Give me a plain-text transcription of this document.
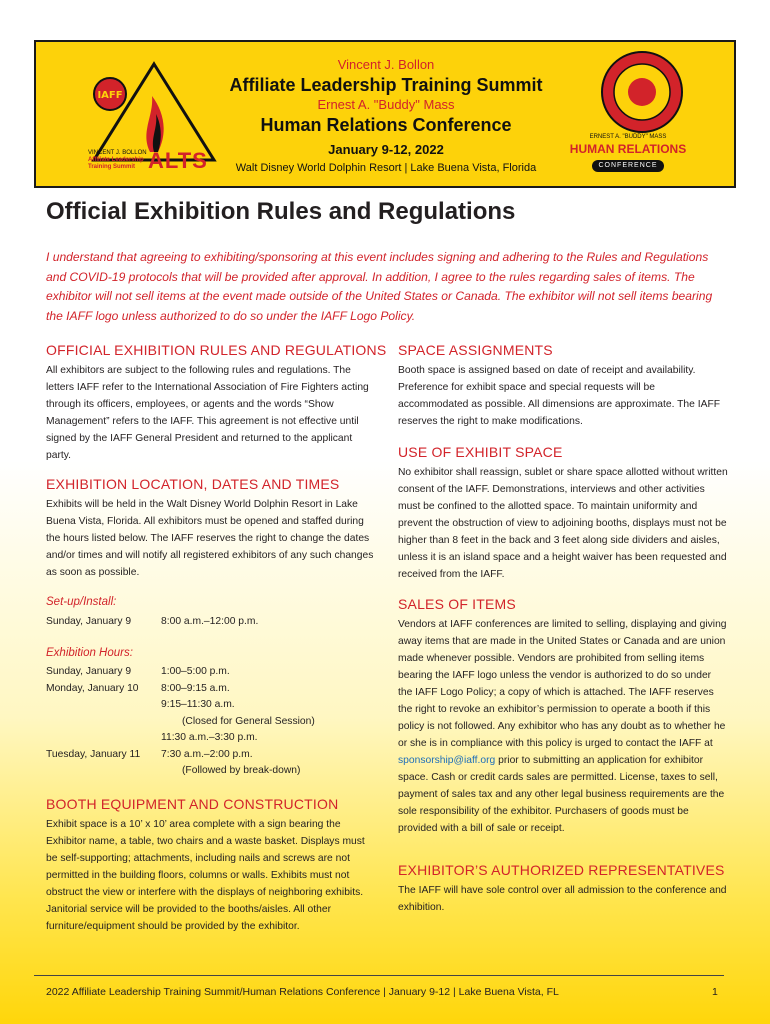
IAFF
VINCENT J. BOLLON
Affiliate Leadership
Training Summit ALTS
Vincent J. Bollon
Affiliate Leadership Training Summit
Ernest A. "Buddy" Mass
Human Relations Conference
January 9-12, 2022
Walt Disney World Dolphin Resort | Lake Buena Vista, Florida
ERNEST A. "BUDDY" MASS
HUMAN RELATIONS
CONFERENCE
Official Exhibition Rules and Regulations
I understand that agreeing to exhibiting/sponsoring at this event includes signing and adhering to the Rules and Regulations and COVID-19 protocols that will be provided after approval. In addition, I agree to the rules regarding sales of items. The exhibitor will not sell items at the event made outside of the United States or Canada. The exhibitor will not sell items bearing the IAFF logo unless authorized to do so under the IAFF Logo Policy.
OFFICIAL EXHIBITION RULES AND REGULATIONS

All exhibitors are subject to the following rules and regulations. The letters IAFF refer to the International Association of Fire Fighters acting through its officers, employees, or agents and the words “Show Management” refers to the IAFF. This agreement is not effective until signed by the IAFF General President and returned to the applicant party.

EXHIBITION LOCATION, DATES AND TIMES

Exhibits will be held in the Walt Disney World Dolphin Resort in Lake Buena Vista, Florida. All exhibitors must be opened and staffed during the hours listed below. The IAFF reserves the right to change the dates and/or times and will notify all registered exhibitors of any such changes as soon as possible.

Set-up/Install:
Sunday, January 9	8:00 a.m.–12:00 p.m.
Exhibition Hours:
Sunday, January 9	1:00–5:00 p.m.
Monday, January 10	8:00–9:15 a.m.
9:15–11:30 a.m.
(Closed for General Session)
11:30 a.m.–3:30 p.m.
Tuesday, January 11	7:30 a.m.–2:00 p.m.
(Followed by break-down)
BOOTH EQUIPMENT AND CONSTRUCTION

Exhibit space is a 10’ x 10’ area complete with a sign bearing the Exhibitor name, a table, two chairs and a waste basket. Displays must be self-supporting; attachments, including nails and screws are not permitted in the building floors, columns or walls. Exhibits must not obstruct the view or interfere with the displays of neighboring exhibits. Janitorial service will be provided to the booths/aisles. All other furniture/equipment should be provided by the exhibitor.

SPACE ASSIGNMENTS

Booth space is assigned based on date of receipt and availability. Preference for exhibit space and special requests will be accommodated as possible. All dimensions are approximate. The IAFF reserves the right to make modifications.

USE OF EXHIBIT SPACE

No exhibitor shall reassign, sublet or share space allotted without written consent of the IAFF. Demonstrations, interviews and other activities must be confined to the allotted space. To maintain uniformity and prevent the obstruction of view to adjoining booths, displays must not be higher than 8 feet in the back and 3 feet along side dividers and aisles, unless it is an island space and a height waiver has been requested and received from the IAFF.

SALES OF ITEMS

Vendors at IAFF conferences are limited to selling, displaying and giving away items that are made in the United States or Canada and are union made whenever possible. Vendors are prohibited from selling items bearing the IAFF logo unless the vendor is authorized to do so under the IAFF Logo Policy; a copy of which is attached. The IAFF reserves the right to revoke an exhibitor’s permission to operate a booth if this policy is not followed. Any exhibitor who has any doubt as to whether he or she is in compliance with this policy is urged to contact the IAFF at sponsorship@iaff.org prior to submitting an application for exhibitor space. Cash or credit cards sales are permitted. License, taxes to sell, payment of sales tax and any other legal business requirements are the sole responsibility of the exhibitor. Purchasers of goods must be provided with a bill of sale or receipt.

EXHIBITOR’S AUTHORIZED REPRESENTATIVES

The IAFF will have sole control over all admission to the conference and exhibition.

2022 Affiliate Leadership Training Summit/Human Relations Conference | January 9-12 | Lake Buena Vista, FL	1
